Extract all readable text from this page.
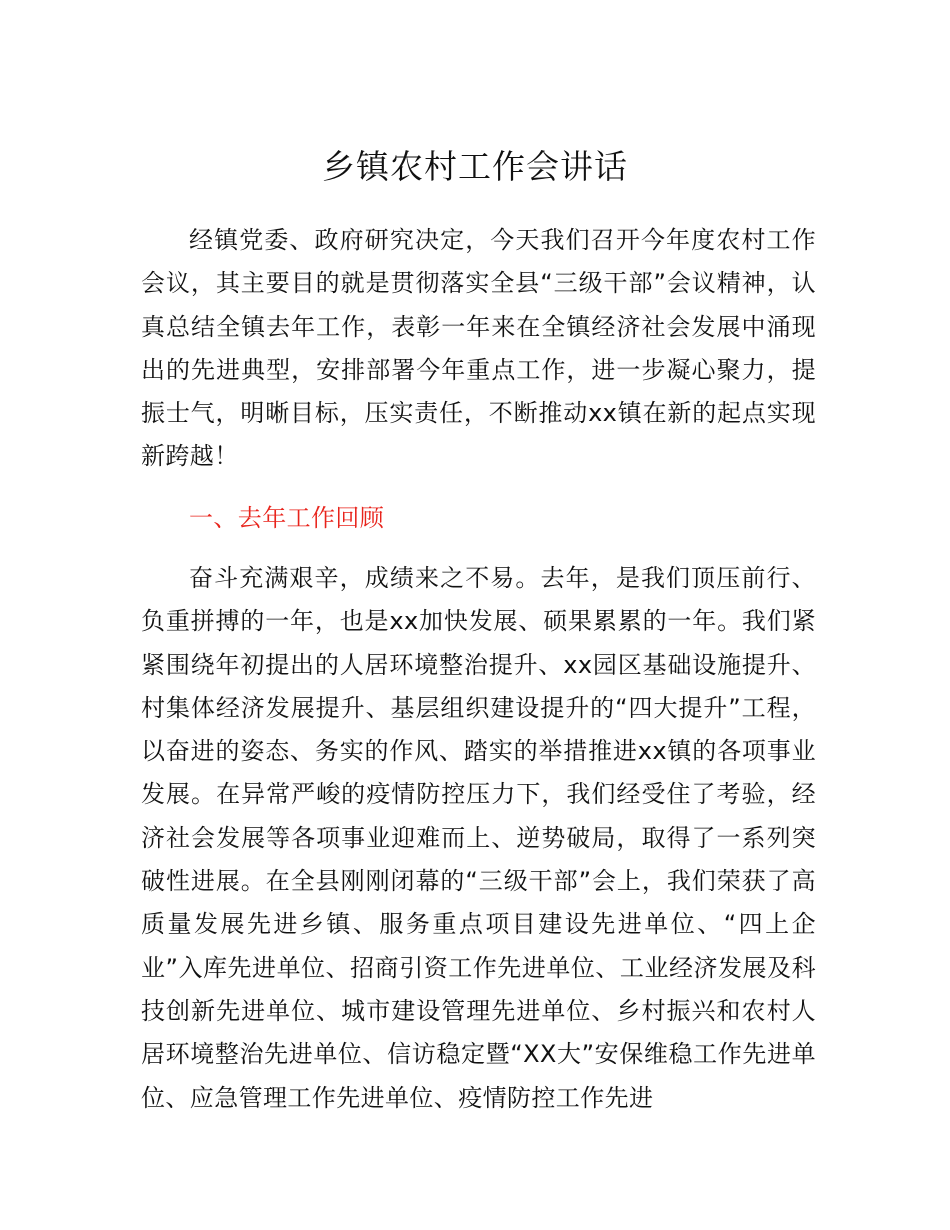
乡镇农村工作会讲话

经镇党委、政府研究决定，今天我们召开今年度农村工作会议，其主要目的就是贯彻落实全县“三级干部”会议精神，认真总结全镇去年工作，表彰一年来在全镇经济社会发展中涌现出的先进典型，安排部署今年重点工作，进一步凝心聚力，提振士气，明晰目标，压实责任，不断推动xx镇在新的起点实现新跨越！

一、去年工作回顾

奋斗充满艰辛，成绩来之不易。去年，是我们顶压前行、负重拼搏的一年，也是xx加快发展、硕果累累的一年。我们紧紧围绕年初提出的人居环境整治提升、xx园区基础设施提升、村集体经济发展提升、基层组织建设提升的“四大提升”工程，以奋进的姿态、务实的作风、踏实的举措推进xx镇的各项事业发展。在异常严峻的疫情防控压力下，我们经受住了考验，经济社会发展等各项事业迎难而上、逆势破局，取得了一系列突破性进展。在全县刚刚闭幕的“三级干部”会上，我们荣获了高质量发展先进乡镇、服务重点项目建设先进单位、“四上企业”入库先进单位、招商引资工作先进单位、工业经济发展及科技创新先进单位、城市建设管理先进单位、乡村振兴和农村人居环境整治先进单位、信访稳定暨“XX大”安保维稳工作先进单位、应急管理工作先进单位、疫情防控工作先进
